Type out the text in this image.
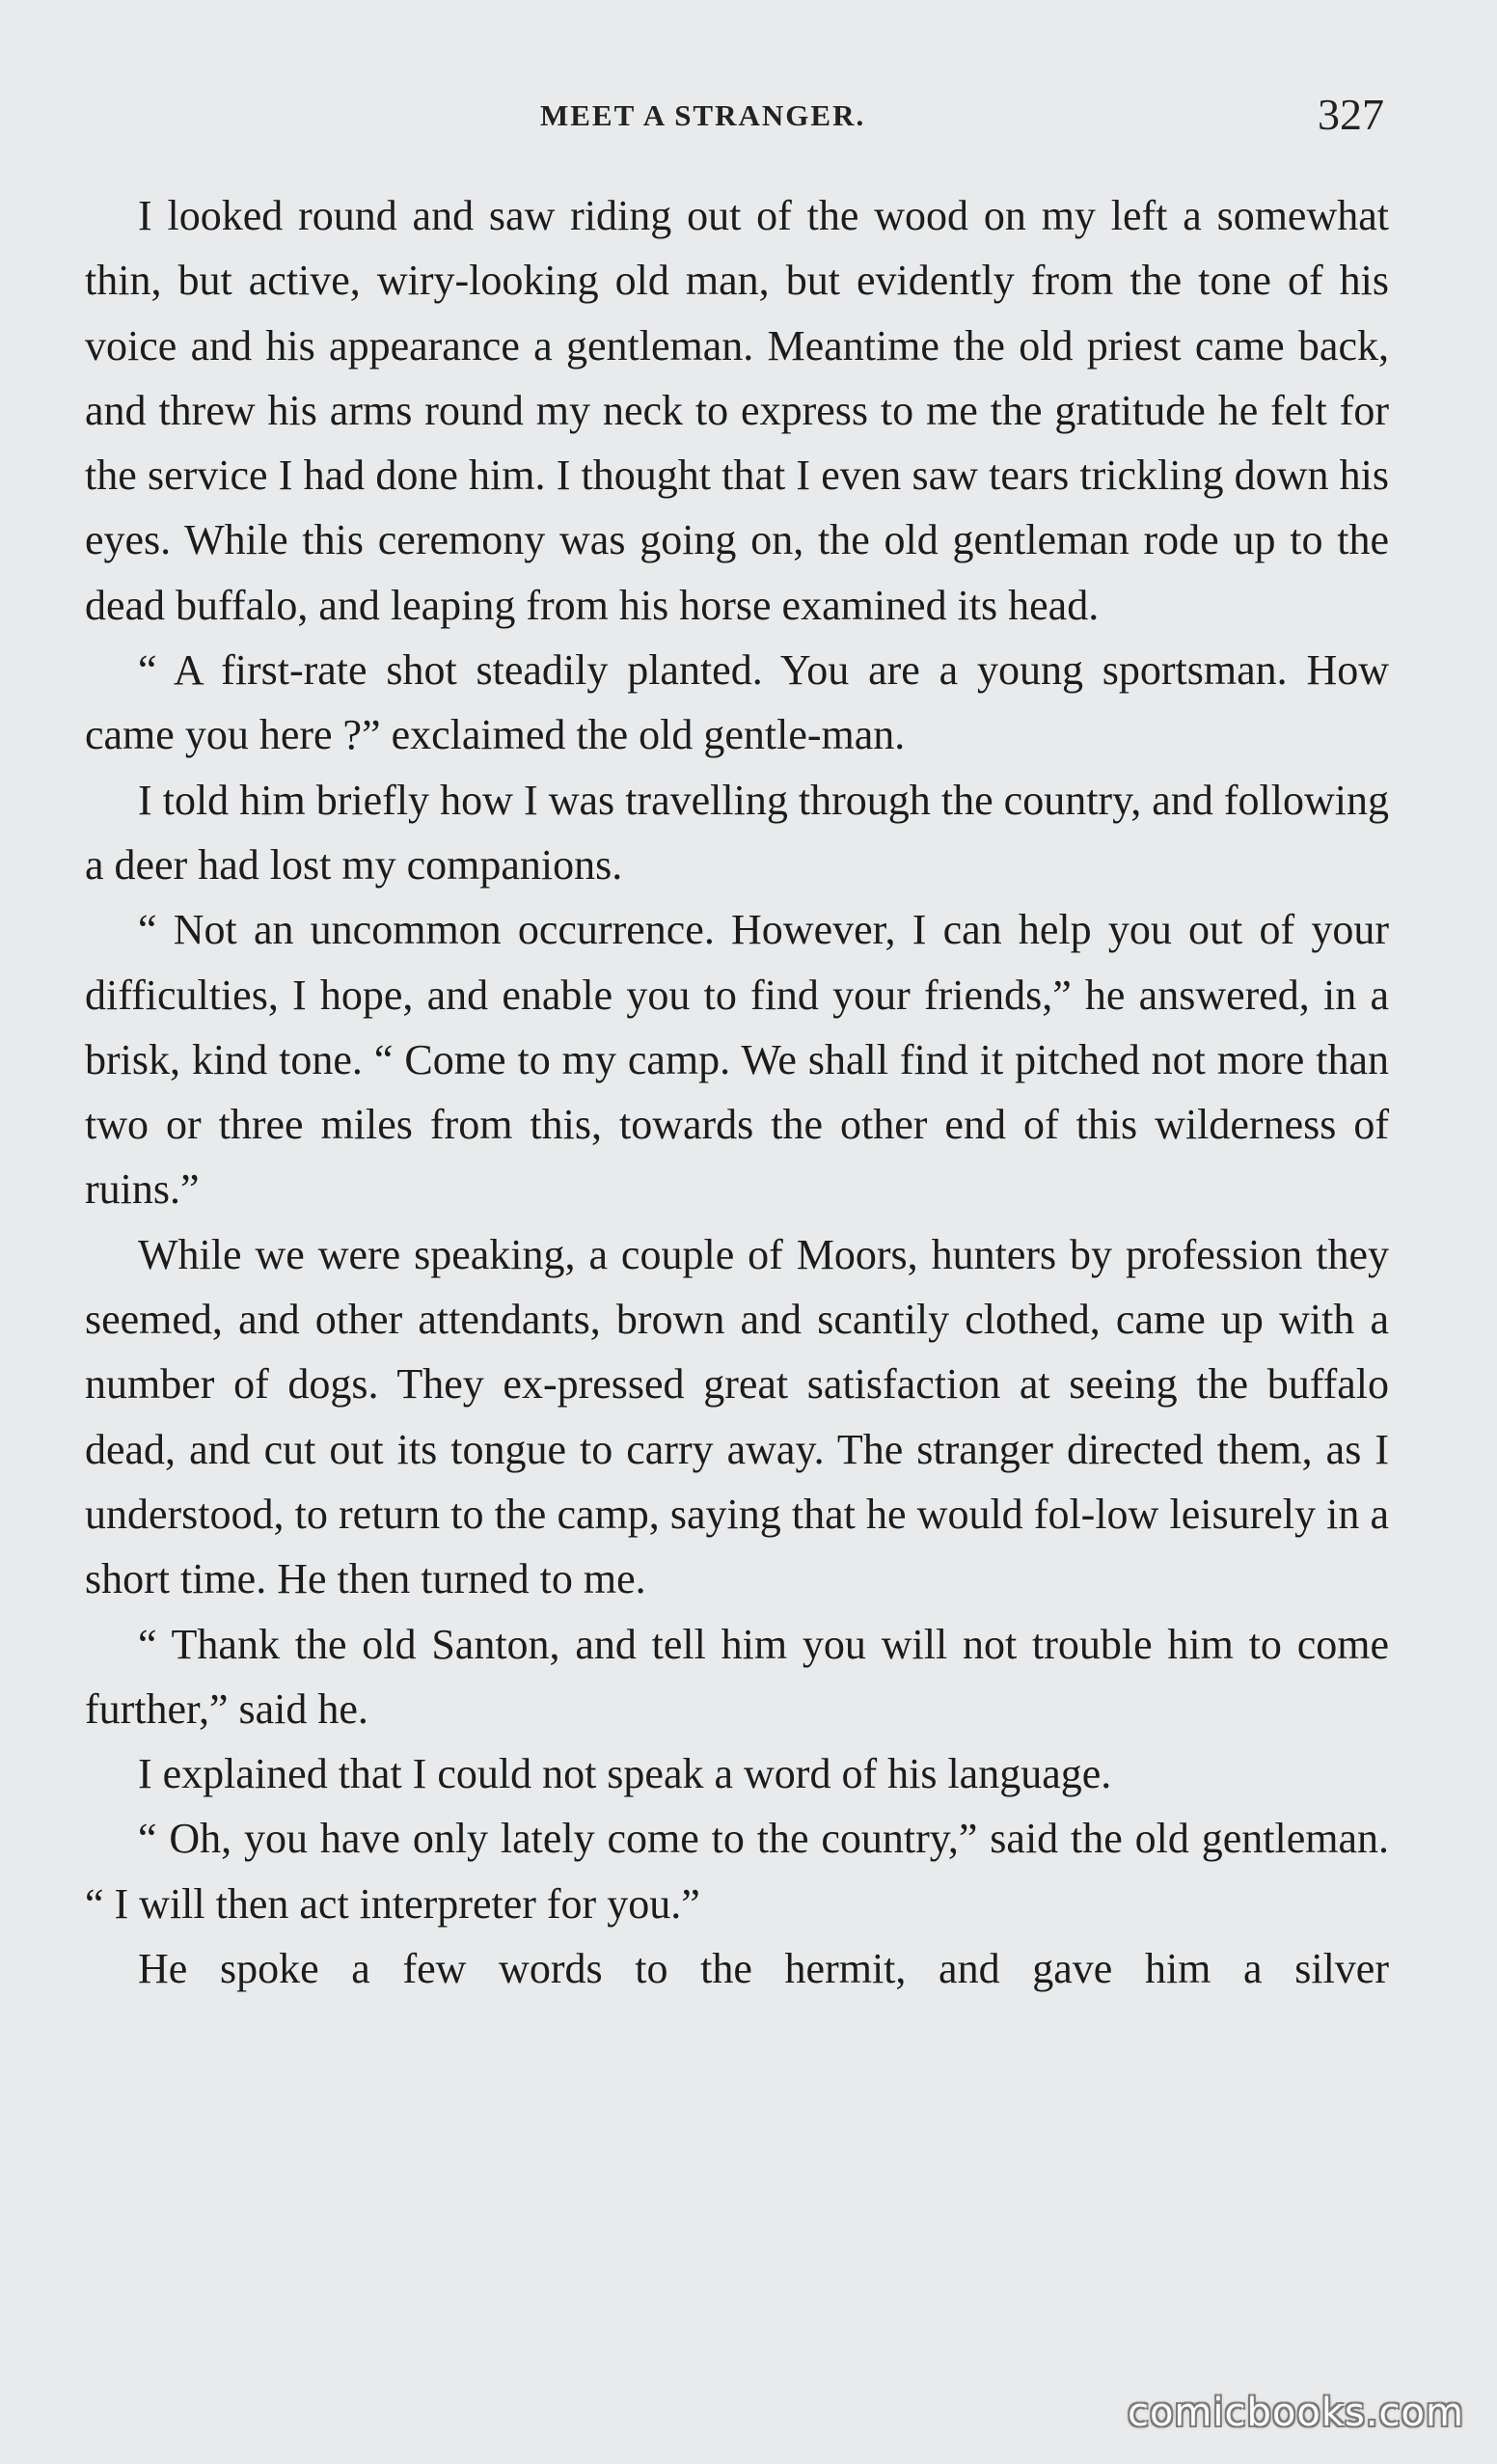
MEET A STRANGER.	327

I looked round and saw riding out of the wood on my left a somewhat thin, but active, wiry-looking old man, but evidently from the tone of his voice and his appearance a gentleman. Meantime the old priest came back, and threw his arms round my neck to express to me the gratitude he felt for the service I had done him. I thought that I even saw tears trickling down his eyes. While this ceremony was going on, the old gentleman rode up to the dead buffalo, and leaping from his horse examined its head.

“ A first-rate shot steadily planted. You are a young sportsman. How came you here ?” exclaimed the old gentle-man.

I told him briefly how I was travelling through the country, and following a deer had lost my companions.

“ Not an uncommon occurrence. However, I can help you out of your difficulties, I hope, and enable you to find your friends,” he answered, in a brisk, kind tone. “ Come to my camp. We shall find it pitched not more than two or three miles from this, towards the other end of this wilderness of ruins.”

While we were speaking, a couple of Moors, hunters by profession they seemed, and other attendants, brown and scantily clothed, came up with a number of dogs. They ex-pressed great satisfaction at seeing the buffalo dead, and cut out its tongue to carry away. The stranger directed them, as I understood, to return to the camp, saying that he would fol-low leisurely in a short time. He then turned to me.

“ Thank the old Santon, and tell him you will not trouble him to come further,” said he.

I explained that I could not speak a word of his language.

“ Oh, you have only lately come to the country,” said the old gentleman. “ I will then act interpreter for you.”

He spoke a few words to the hermit, and gave him a silver

comicbooks.com
